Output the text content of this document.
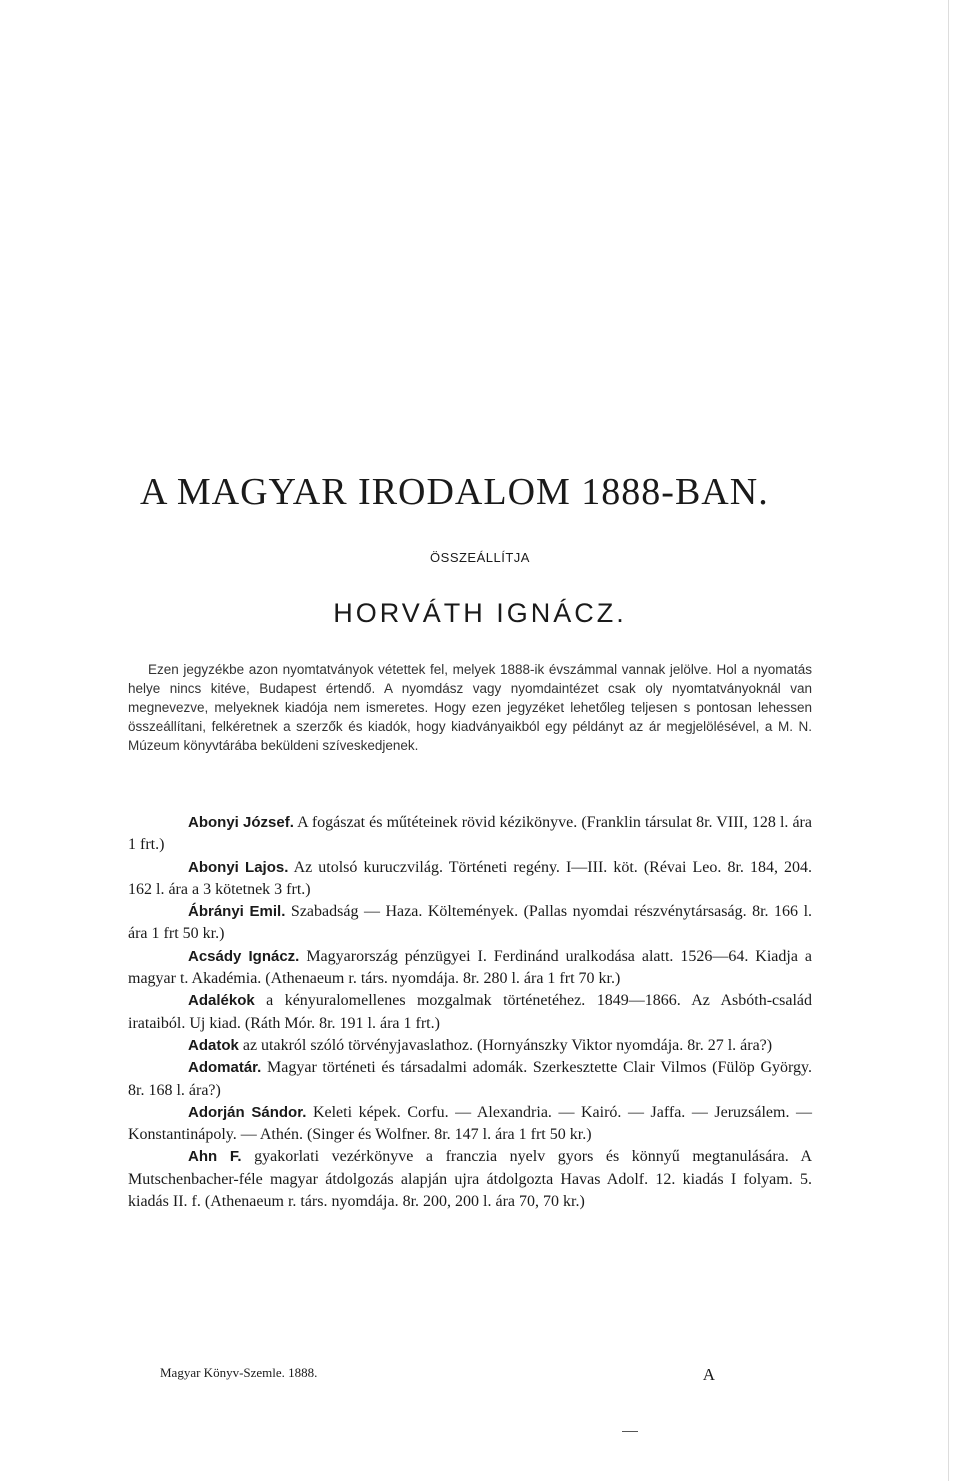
A MAGYAR IRODALOM 1888-BAN.
ÖSSZEÁLLÍTJA
HORVÁTH IGNÁCZ.

Ezen jegyzékbe azon nyomtatványok vétettek fel, melyek 1888-ik évszámmal vannak jelölve. Hol a nyomatás helye nincs kitéve, Budapest értendő. A nyomdász vagy nyomdaintézet csak oly nyomtatványoknál van megnevezve, melyeknek kiadója nem ismeretes. Hogy ezen jegyzéket lehetőleg teljesen s pontosan lehessen összeállítani, felkéretnek a szerzők és kiadók, hogy kiadványaikból egy példányt az ár megjelölésével, a M. N. Múzeum könyvtárába beküldeni szíveskedjenek.

Abonyi József. A fogászat és műtéteinek rövid kézikönyve. (Franklin társulat 8r. VIII, 128 l. ára 1 frt.)

Abonyi Lajos. Az utolsó kuruczvilág. Történeti regény. I—III. köt. (Révai Leo. 8r. 184, 204. 162 l. ára a 3 kötetnek 3 frt.)

Ábrányi Emil. Szabadság — Haza. Költemények. (Pallas nyomdai részvénytársaság. 8r. 166 l. ára 1 frt 50 kr.)

Acsády Ignácz. Magyarország pénzügyei I. Ferdinánd uralkodása alatt. 1526—64. Kiadja a magyar t. Akadémia. (Athenaeum r. társ. nyomdája. 8r. 280 l. ára 1 frt 70 kr.)

Adalékok a kényuralomellenes mozgalmak történetéhez. 1849—1866. Az Asbóth-család irataiból. Uj kiad. (Ráth Mór. 8r. 191 l. ára 1 frt.)

Adatok az utakról szóló törvényjavaslathoz. (Hornyánszky Viktor nyomdája. 8r. 27 l. ára?)

Adomatár. Magyar történeti és társadalmi adomák. Szerkesztette Clair Vilmos (Fülöp György. 8r. 168 l. ára?)

Adorján Sándor. Keleti képek. Corfu. — Alexandria. — Kairó. — Jaffa. — Jeruzsálem. — Konstantinápoly. — Athén. (Singer és Wolfner. 8r. 147 l. ára 1 frt 50 kr.)

Ahn F. gyakorlati vezérkönyve a franczia nyelv gyors és könnyű megtanulására. A Mutschenbacher-féle magyar átdolgozás alapján ujra átdolgozta Havas Adolf. 12. kiadás I folyam. 5. kiadás II. f. (Athenaeum r. társ. nyomdája. 8r. 200, 200 l. ára 70, 70 kr.)

Magyar Könyv-Szemle. 1888.	A
